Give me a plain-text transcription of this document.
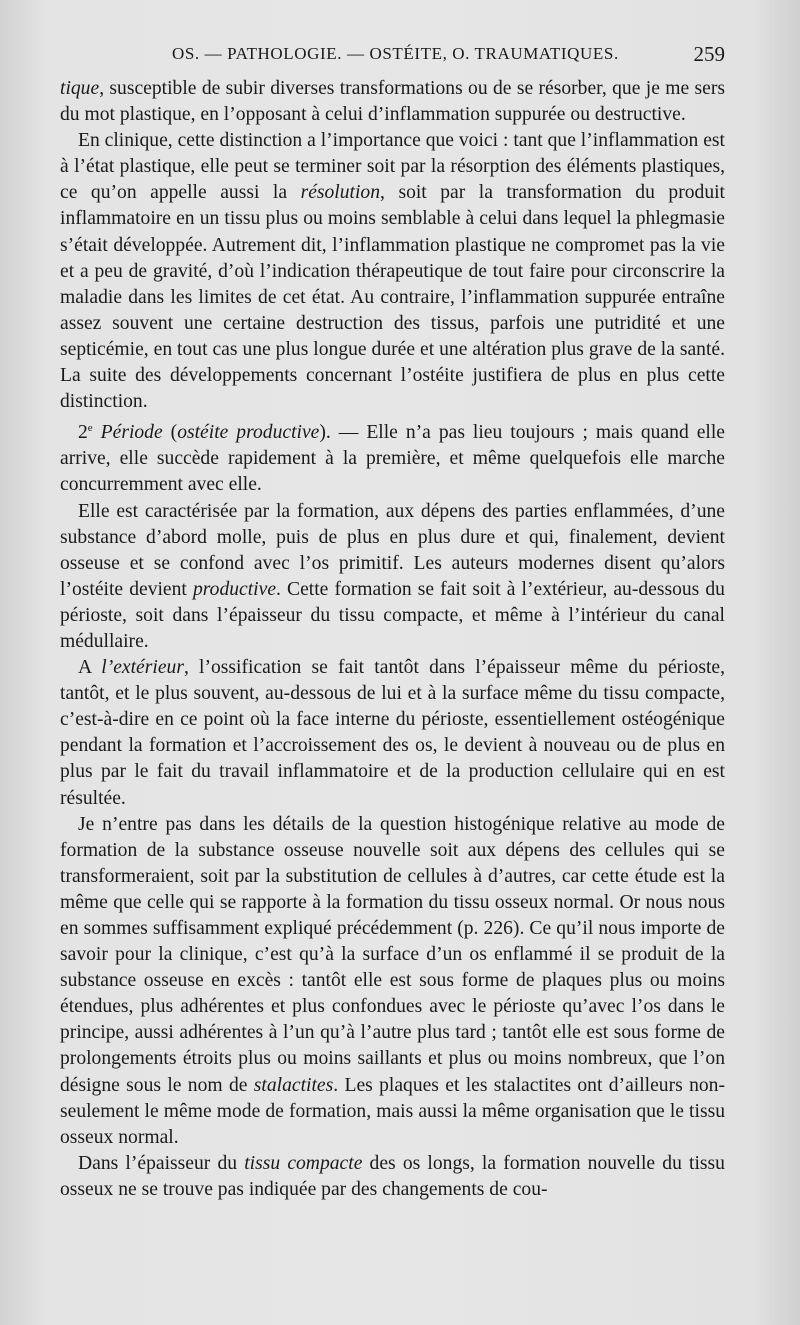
OS. — PATHOLOGIE. — OSTÉITE, O. TRAUMATIQUES.	259

tique, susceptible de subir diverses transformations ou de se résorber, que je me sers du mot plastique, en l’opposant à celui d’inflammation suppurée ou destructive.

En clinique, cette distinction a l’importance que voici : tant que l’inflammation est à l’état plastique, elle peut se terminer soit par la résorption des éléments plastiques, ce qu’on appelle aussi la résolution, soit par la transformation du produit inflammatoire en un tissu plus ou moins semblable à celui dans lequel la phlegmasie s’était développée. Autrement dit, l’inflammation plastique ne compromet pas la vie et a peu de gravité, d’où l’indication thérapeutique de tout faire pour circonscrire la maladie dans les limites de cet état. Au contraire, l’inflammation suppurée entraîne assez souvent une certaine destruction des tissus, parfois une putridité et une septicémie, en tout cas une plus longue durée et une altération plus grave de la santé. La suite des développements concernant l’ostéite justifiera de plus en plus cette distinction.

2e Période (ostéite productive). — Elle n’a pas lieu toujours ; mais quand elle arrive, elle succède rapidement à la première, et même quelquefois elle marche concurremment avec elle.

Elle est caractérisée par la formation, aux dépens des parties enflammées, d’une substance d’abord molle, puis de plus en plus dure et qui, finalement, devient osseuse et se confond avec l’os primitif. Les auteurs modernes disent qu’alors l’ostéite devient productive. Cette formation se fait soit à l’extérieur, au-dessous du périoste, soit dans l’épaisseur du tissu compacte, et même à l’intérieur du canal médullaire.

A l’extérieur, l’ossification se fait tantôt dans l’épaisseur même du périoste, tantôt, et le plus souvent, au-dessous de lui et à la surface même du tissu compacte, c’est-à-dire en ce point où la face interne du périoste, essentiellement ostéogénique pendant la formation et l’accroissement des os, le devient à nouveau ou de plus en plus par le fait du travail inflammatoire et de la production cellulaire qui en est résultée.

Je n’entre pas dans les détails de la question histogénique relative au mode de formation de la substance osseuse nouvelle soit aux dépens des cellules qui se transformeraient, soit par la substitution de cellules à d’autres, car cette étude est la même que celle qui se rapporte à la formation du tissu osseux normal. Or nous nous en sommes suffisamment expliqué précédemment (p. 226). Ce qu’il nous importe de savoir pour la clinique, c’est qu’à la surface d’un os enflammé il se produit de la substance osseuse en excès : tantôt elle est sous forme de plaques plus ou moins étendues, plus adhérentes et plus confondues avec le périoste qu’avec l’os dans le principe, aussi adhérentes à l’un qu’à l’autre plus tard ; tantôt elle est sous forme de prolongements étroits plus ou moins saillants et plus ou moins nombreux, que l’on désigne sous le nom de stalactites. Les plaques et les stalactites ont d’ailleurs non-seulement le même mode de formation, mais aussi la même organisation que le tissu osseux normal.

Dans l’épaisseur du tissu compacte des os longs, la formation nouvelle du tissu osseux ne se trouve pas indiquée par des changements de cou-
